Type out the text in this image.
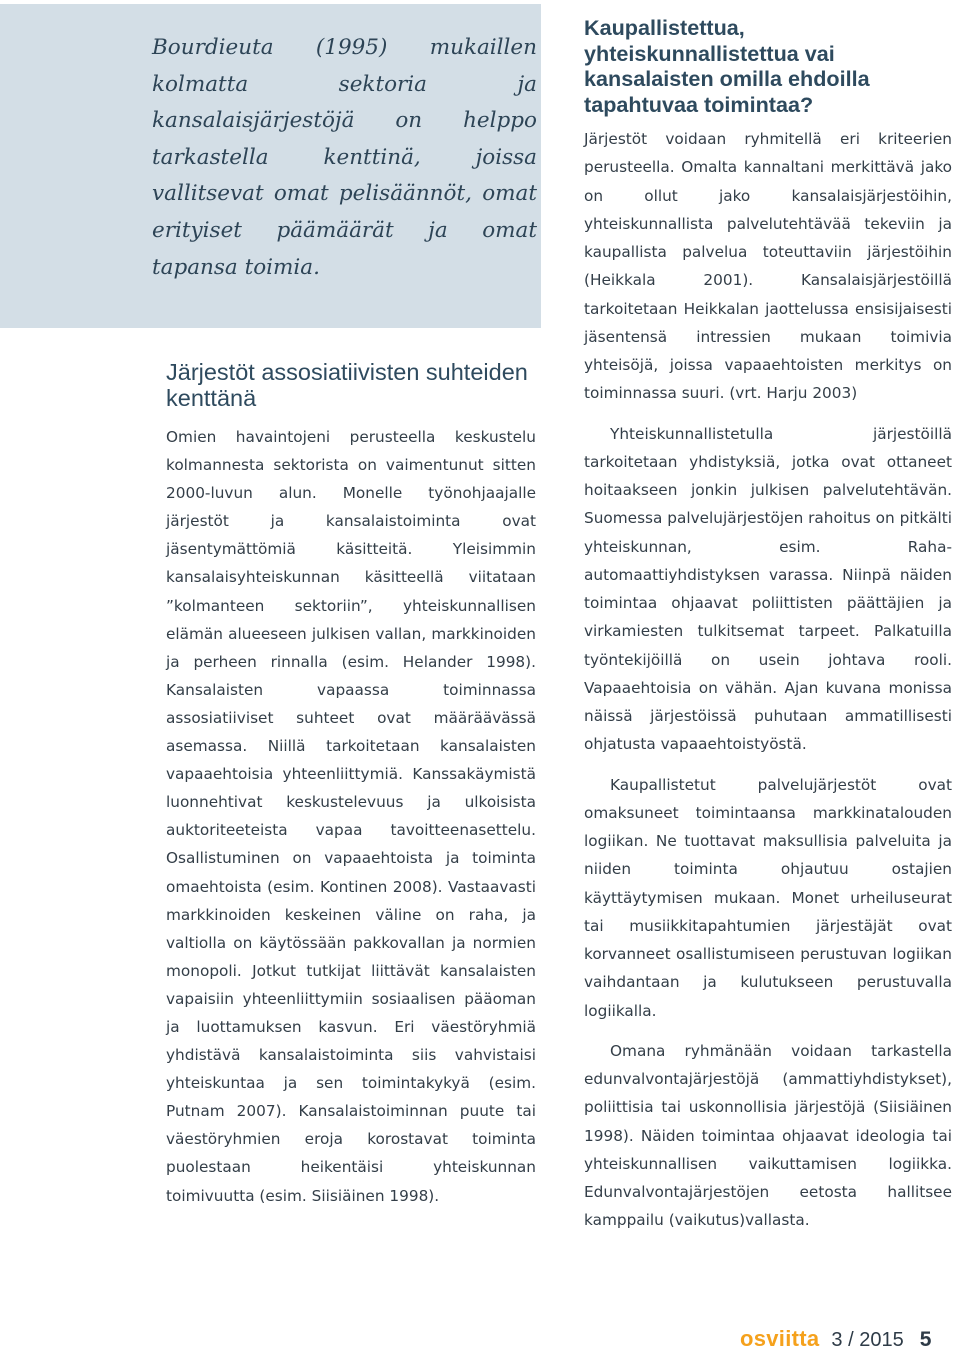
Bourdieuta (1995) mukaillen kolmatta sektoria ja kansalaisjärjestöjä on helppo tarkastella kenttinä, joissa vallitsevat omat pelisäännöt, omat erityiset päämäärät ja omat tapansa toimia.

Järjestöt assosiatiivisten suhteiden kenttänä

Omien havaintojeni perusteella keskustelu kolmannesta sektorista on vaimentunut sitten 2000-luvun alun. Monelle työnohjaajalle järjestöt ja kansalaistoiminta ovat jäsentymättömiä käsitteitä. Yleisimmin kansalaisyhteiskunnan käsitteellä viitataan ”kolmanteen sektoriin”, yhteiskunnallisen elämän alueeseen julkisen vallan, markkinoiden ja perheen rinnalla (esim. Helander 1998). Kansalaisten vapaassa toiminnassa assosiatiiviset suhteet ovat määräävässä asemassa. Niillä tarkoitetaan kansalaisten vapaaehtoisia yhteenliittymiä. Kanssakäymistä luonnehtivat keskustelevuus ja ulkoisista auktoriteeteista vapaa tavoitteenasettelu. Osallistuminen on vapaaehtoista ja toiminta omaehtoista (esim. Kontinen 2008). Vastaavasti markkinoiden keskeinen väline on raha, ja valtiolla on käytössään pakkovallan ja normien monopoli. Jotkut tutkijat liittävät kansalaisten vapaisiin yhteenliittymiin sosiaalisen pääoman ja luottamuksen kasvun. Eri väestöryhmiä yhdistävä kansalaistoiminta siis vahvistaisi yhteiskuntaa ja sen toimintakykyä (esim. Putnam 2007). Kansalaistoiminnan puute tai väestöryhmien eroja korostavat toiminta puolestaan heikentäisi yhteiskunnan toimivuutta (esim. Siisiäinen 1998).

Kaupallistettua, yhteiskunnallistettua vai kansalaisten omilla ehdoilla tapahtuvaa toimintaa?

Järjestöt voidaan ryhmitellä eri kriteerien perusteella. Omalta kannaltani merkittävä jako on ollut jako kansalaisjärjestöihin, yhteiskunnallista palvelutehtävää tekeviin ja kaupallista palvelua toteuttaviin järjestöihin (Heikkala 2001). Kansalaisjärjestöillä tarkoitetaan Heikkalan jaottelussa ensisijaisesti jäsentensä intressien mukaan toimivia yhteisöjä, joissa vapaaehtoisten merkitys on toiminnassa suuri. (vrt. Harju 2003)

Yhteiskunnallistetulla järjestöillä tarkoitetaan yhdistyksiä, jotka ovat ottaneet hoitaakseen jonkin julkisen palvelutehtävän. Suomessa palvelujärjestöjen rahoitus on pitkälti yhteiskunnan, esim. Raha-automaattiyhdistyksen varassa. Niinpä näiden toimintaa ohjaavat poliittisten päättäjien ja virkamiesten tulkitsemat tarpeet. Palkatuilla työntekijöillä on usein johtava rooli. Vapaaehtoisia on vähän. Ajan kuvana monissa näissä järjestöissä puhutaan ammatillisesti ohjatusta vapaaehtoistyöstä.

Kaupallistetut palvelujärjestöt ovat omaksuneet toimintaansa markkinatalouden logiikan. Ne tuottavat maksullisia palveluita ja niiden toiminta ohjautuu ostajien käyttäytymisen mukaan. Monet urheiluseurat tai musiikkitapahtumien järjestäjät ovat korvanneet osallistumiseen perustuvan logiikan vaihdantaan ja kulutukseen perustuvalla logiikalla.

Omana ryhmänään voidaan tarkastella edunvalvontajärjestöjä (ammattiyhdistykset), poliittisia tai uskonnollisia järjestöjä (Siisiäinen 1998). Näiden toimintaa ohjaavat ideologia tai yhteiskunnallisen vaikuttamisen logiikka. Edunvalvontajärjestöjen eetosta hallitsee kamppailu (vaikutus)vallasta.

osviitta 3 / 2015 5
